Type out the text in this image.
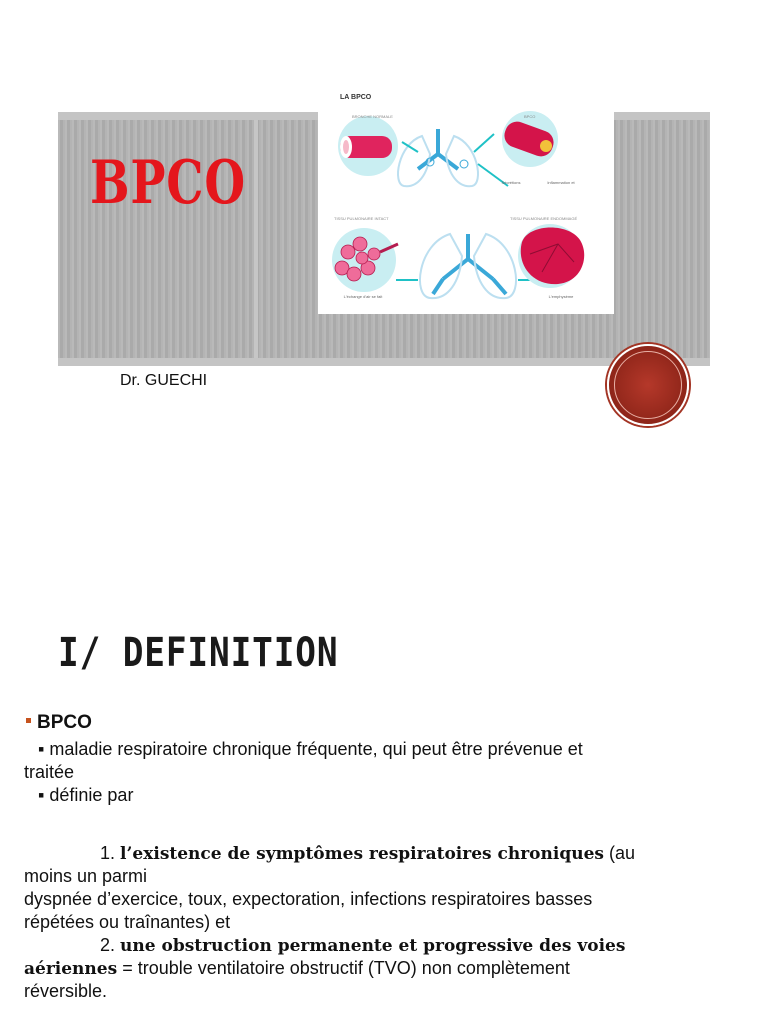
BPCO
LA BPCO
BRONCHE NORMALE	BPCO
TISSU PULMONAIRE INTACT	TISSU PULMONAIRE ENDOMMAGÉ
Sécrétions	Inflammation et
L'échange d'air se fait	L'emphysème
Dr. GUECHI
I/ DEFINITION
BPCO
▪ maladie respiratoire chronique fréquente, qui peut être prévenue et
traitée
▪ définie par
1. l’existence de symptômes respiratoires chroniques (au
moins un parmi
dyspnée d’exercice, toux, expectoration, infections respiratoires basses
répétées ou traînantes) et
2. une obstruction permanente et progressive des voies
aériennes = trouble ventilatoire obstructif (TVO) non complètement
réversible.
